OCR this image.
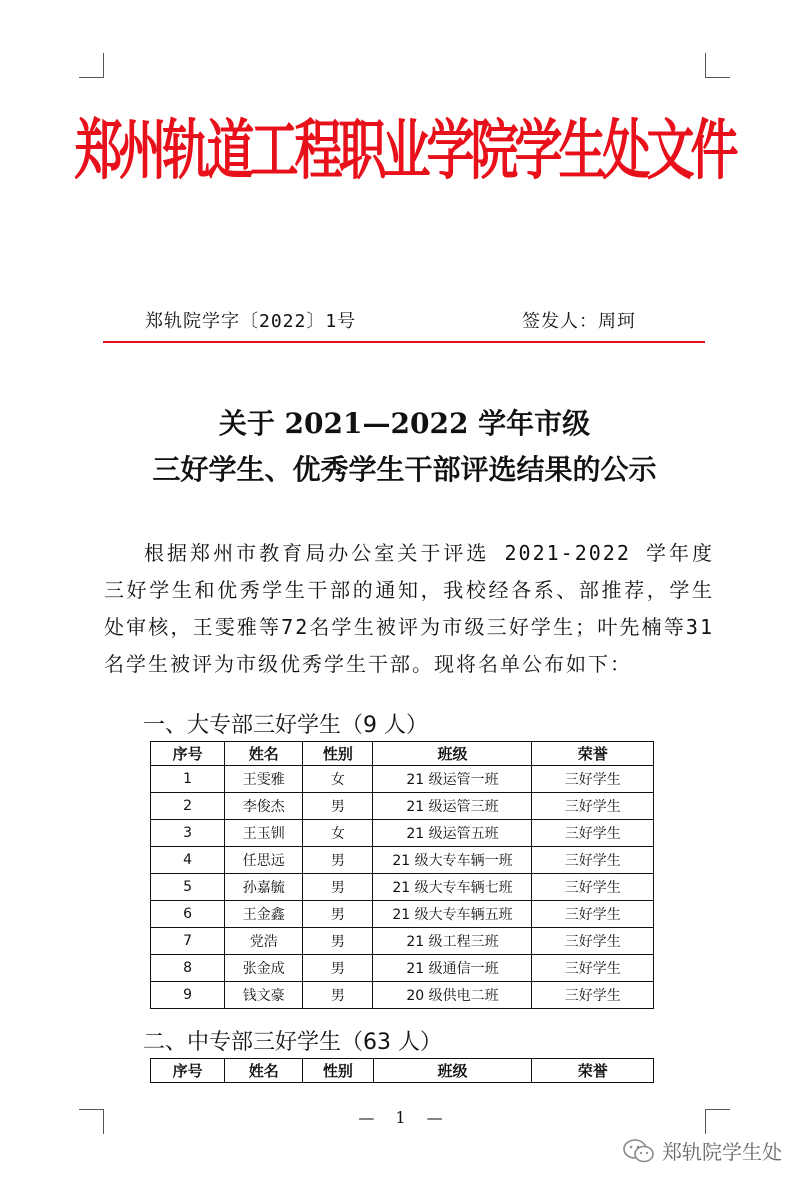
郑州轨道工程职业学院学生处文件
郑轨院学字〔2022〕1号	签发人：周珂
关于 2021—2022 学年市级
三好学生、优秀学生干部评选结果的公示

根据郑州市教育局办公室关于评选 2021-2022 学年度三好学生和优秀学生干部的通知，我校经各系、部推荐，学生处审核，王雯雅等72名学生被评为市级三好学生；叶先楠等31名学生被评为市级优秀学生干部。现将名单公布如下：

一、大专部三好学生（9 人）
序号	姓名	性别	班级	荣誉
1	王雯雅	女	21 级运管一班	三好学生
2	李俊杰	男	21 级运管三班	三好学生
3	王玉钏	女	21 级运管五班	三好学生
4	任思远	男	21 级大专车辆一班	三好学生
5	孙嘉毓	男	21 级大专车辆七班	三好学生
6	王金鑫	男	21 级大专车辆五班	三好学生
7	党浩	男	21 级工程三班	三好学生
8	张金成	男	21 级通信一班	三好学生
9	钱文豪	男	20 级供电二班	三好学生
二、中专部三好学生（63 人）
序号	姓名	性别	班级	荣誉
— 1 —
郑轨院学生处
